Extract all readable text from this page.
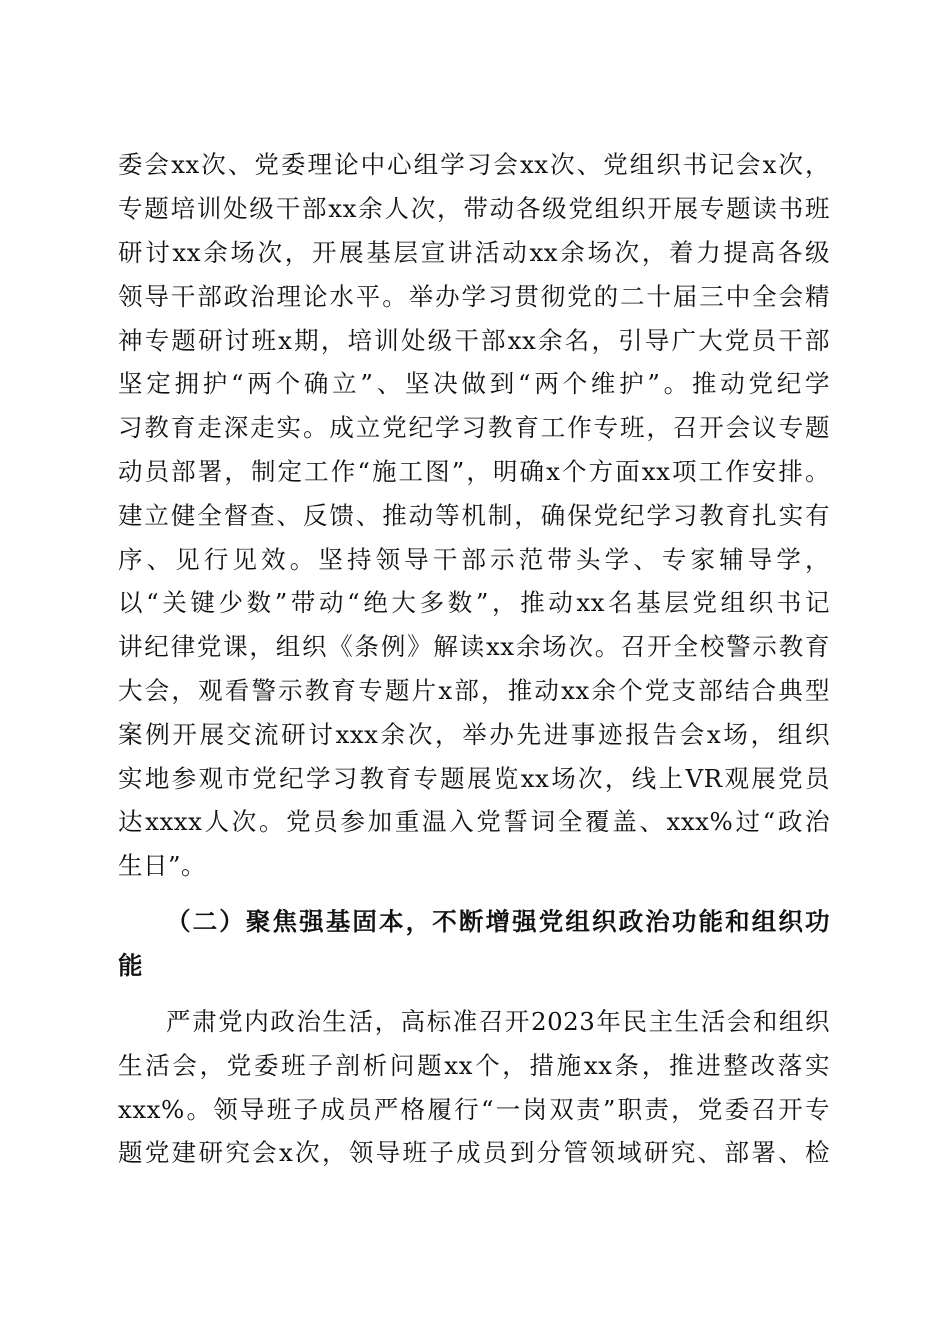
委会xx次、党委理论中心组学习会xx次、党组织书记会x次，
专题培训处级干部xx余人次，带动各级党组织开展专题读书班
研讨xx余场次，开展基层宣讲活动xx余场次，着力提高各级
领导干部政治理论水平。举办学习贯彻党的二十届三中全会精
神专题研讨班x期，培训处级干部xx余名，引导广大党员干部
坚定拥护“两个确立”、坚决做到“两个维护”。推动党纪学
习教育走深走实。成立党纪学习教育工作专班，召开会议专题
动员部署，制定工作“施工图”，明确x个方面xx项工作安排。
建立健全督查、反馈、推动等机制，确保党纪学习教育扎实有
序、见行见效。坚持领导干部示范带头学、专家辅导学，
以“关键少数”带动“绝大多数”，推动xx名基层党组织书记
讲纪律党课，组织《条例》解读xx余场次。召开全校警示教育
大会，观看警示教育专题片x部，推动xx余个党支部结合典型
案例开展交流研讨xxx余次，举办先进事迹报告会x场，组织
实地参观市党纪学习教育专题展览xx场次，线上VR观展党员
达xxxx人次。党员参加重温入党誓词全覆盖、xxx%过“政治
生日”。
（二）聚焦强基固本，不断增强党组织政治功能和组织功
能
严肃党内政治生活，高标准召开2023年民主生活会和组织
生活会，党委班子剖析问题xx个，措施xx条，推进整改落实
xxx%。领导班子成员严格履行“一岗双责”职责，党委召开专
题党建研究会x次，领导班子成员到分管领域研究、部署、检
